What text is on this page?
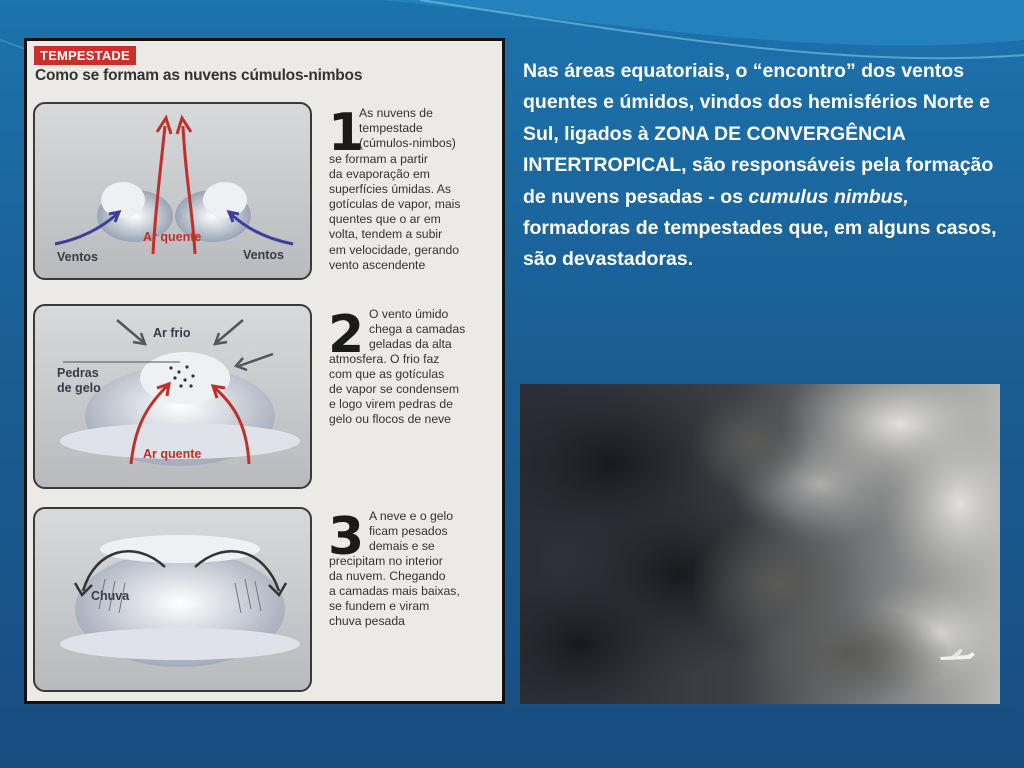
TEMPESTADE
Como se formam as nuvens cúmulos-nimbos
Ar quente
Ventos	Ventos
1
As nuvens de
tempestade
(cúmulos-nimbos)
se formam a partir
da evaporação em
superfícies úmidas. As
gotículas de vapor, mais
quentes que o ar em
volta, tendem a subir
em velocidade, gerando
vento ascendente
Ar frio
Pedras
de gelo
Ar quente
2 O vento úmido
chega a camadas
geladas da alta
atmosfera. O frio faz
com que as gotículas
de vapor se condensem
e logo virem pedras de
gelo ou flocos de neve
Chuva
3 A neve e o gelo
ficam pesados
demais e se
precipitam no interior
da nuvem. Chegando
a camadas mais baixas,
se fundem e viram
chuva pesada

Nas áreas equatoriais, o “encontro” dos ventos quentes e úmidos, vindos dos hemisférios Norte e Sul, ligados à ZONA DE CONVERGÊNCIA INTERTROPICAL, são responsáveis pela formação de nuvens pesadas - os cumulus nimbus, formadoras de tempestades que, em alguns casos, são devastadoras.
